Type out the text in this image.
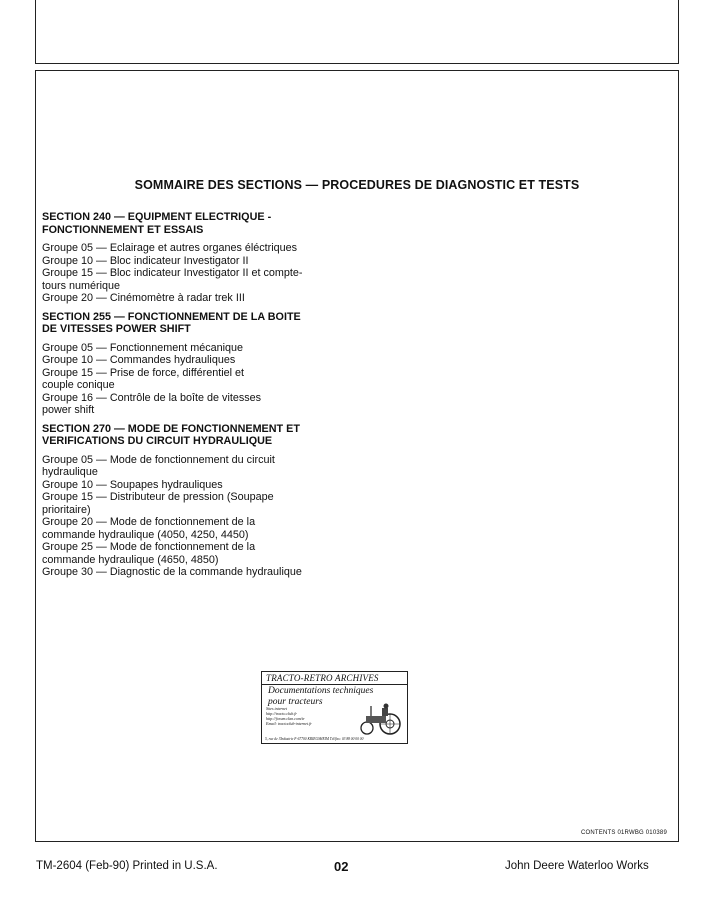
SOMMAIRE DES SECTIONS — PROCEDURES DE DIAGNOSTIC ET TESTS
SECTION 240 — EQUIPMENT ELECTRIQUE -
FONCTIONNEMENT ET ESSAIS
Groupe 05 — Eclairage et autres organes éléctriques
Groupe 10 — Bloc indicateur Investigator II
Groupe 15 — Bloc indicateur Investigator II et compte-
tours numérique
Groupe 20 — Cinémomètre à radar trek III
SECTION 255 — FONCTIONNEMENT DE LA BOITE
DE VITESSES POWER SHIFT
Groupe 05 — Fonctionnement mécanique
Groupe 10 — Commandes hydrauliques
Groupe 15 — Prise de force, différentiel et
couple conique
Groupe 16 — Contrôle de la boîte de vitesses
power shift
SECTION 270 — MODE DE FONCTIONNEMENT ET
VERIFICATIONS DU CIRCUIT HYDRAULIQUE
Groupe 05 — Mode de fonctionnement du circuit
hydraulique
Groupe 10 — Soupapes hydrauliques
Groupe 15 — Distributeur de pression (Soupape
prioritaire)
Groupe 20 — Mode de fonctionnement de la
commande hydraulique (4050, 4250, 4450)
Groupe 25 — Mode de fonctionnement de la
commande hydraulique (4650, 4850)
Groupe 30 — Diagnostic de la commande hydraulique
TRACTO-RETRO ARCHIVES
Documentations techniques
pour tracteurs
Sites internet
http://tracto.club.fr
http://forum.clan.com/tr
Email: tractoclub-internet.fr
5, rue de l'Industrie F-67700 KRIEGSHEIM Tél/fax: 03 88 00 00 00
CONTENTS 01RWBG 010389
TM-2604 (Feb-90) Printed in U.S.A.	02	John Deere Waterloo Works
